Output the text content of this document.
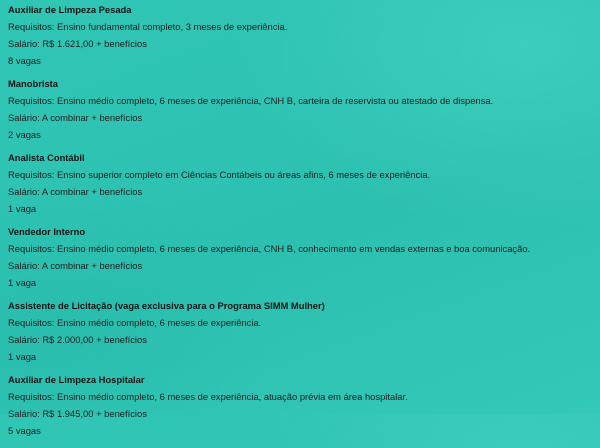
Auxiliar de Limpeza Pesada
Requisitos: Ensino fundamental completo, 3 meses de experiência.
Salário: R$ 1.621,00 + benefícios
8 vagas
Manobrista
Requisitos: Ensino médio completo, 6 meses de experiência, CNH B, carteira de reservista ou atestado de dispensa.
Salário: A combinar + benefícios
2 vagas
Analista Contábil
Requisitos: Ensino superior completo em Ciências Contábeis ou áreas afins, 6 meses de experiência.
Salário: A combinar + benefícios
1 vaga
Vendedor Interno
Requisitos: Ensino médio completo, 6 meses de experiência, CNH B, conhecimento em vendas externas e boa comunicação.
Salário: A combinar + benefícios
1 vaga
Assistente de Licitação (vaga exclusiva para o Programa SIMM Mulher)
Requisitos: Ensino médio completo, 6 meses de experiência.
Salário: R$ 2.000,00 + benefícios
1 vaga
Auxiliar de Limpeza Hospitalar
Requisitos: Ensino médio completo, 6 meses de experiência, atuação prévia em área hospitalar.
Salário: R$ 1.945,00 + benefícios
5 vagas
